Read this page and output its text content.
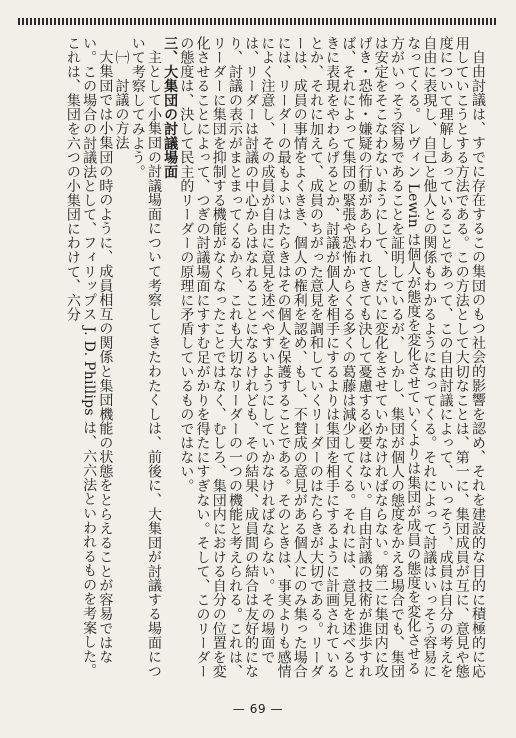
自由討議は、すでに存在するこの集団のもつ社会的影響を認め、それを建設的な目的に積極的に応用していこうとする方法である。この方法として大切なことは、第一に、集団成員が互に、意見や態度について理解しあっていることであって、この自由討議によって、いっそう、成員は自分の考えを自由に表現し、自己と他人との関係もわかるようになってくる。それによって討議はいっそう容易になってくる。レヴィン Lewin は個人が態度を変化させていくよりは集団が成員の態度を変化させる方がいっそう容易であることを証明しているが、しかし、集団が個人の態度をかえる場合でも、集団は安定をそこなわないようにして、しだいに変化をさせていかなければならない。第二に集団内に攻げき・恐怖・嫌疑の行動があらわれてきても決して憂慮する必要はない。自由討議の技術が進歩すれば、それによって集団の緊張や恐怖からくる多くの葛藤は減少してくる。それには、意見を述べるときに表現をやわらげるとか、討議が個人を相手にするよりは集団を相手にするように計画されているとか、それに加えて、成員のちがった意見を調和していくリーダーのはたらきが大切である。リーダーは、成員の事情をよくきき、個人の権利を認め、もし、不賛成の意見がある個人にのみ集った場合には、リーダーの最もよいはたらきはその個人を保護することである。そのときは、事実よりも感情によく注意し、その成員が自由に意見を述べやすいようにしていかなければならない。その場面では、リーダーは討議の中心からはなれることになるけれども、その結果、成員間の結合は友好的になり、討議の表示がまとまってくるから、これも大切なリーダーの一つの機能と考えられる。これは、リーダーに集団を抑制する機能がなくなったことではなく、むしろ、集団内における自分の位置を変化させることによって、つぎの討議場面にすすむ足がかりを得たにすぎない。そして、このリーダーの態度は、決して民主的リーダーの原理に矛盾しているものではない。

三、大集団の討議場面

主として小集団の討議場面について考察してきたわたくしは、前後に、大集団が討議する場面について考察してみよう。

㈠　討議の方法

大集団では小集団の時のように、成員相互の関係と集団機能の状態をとらえることが容易ではない。この場合の討議法として、フィリップス J. D. Phillips は、六六法といわれるものを考案した。これは、集団を六つの小集団にわけて、六分

— 69 —
